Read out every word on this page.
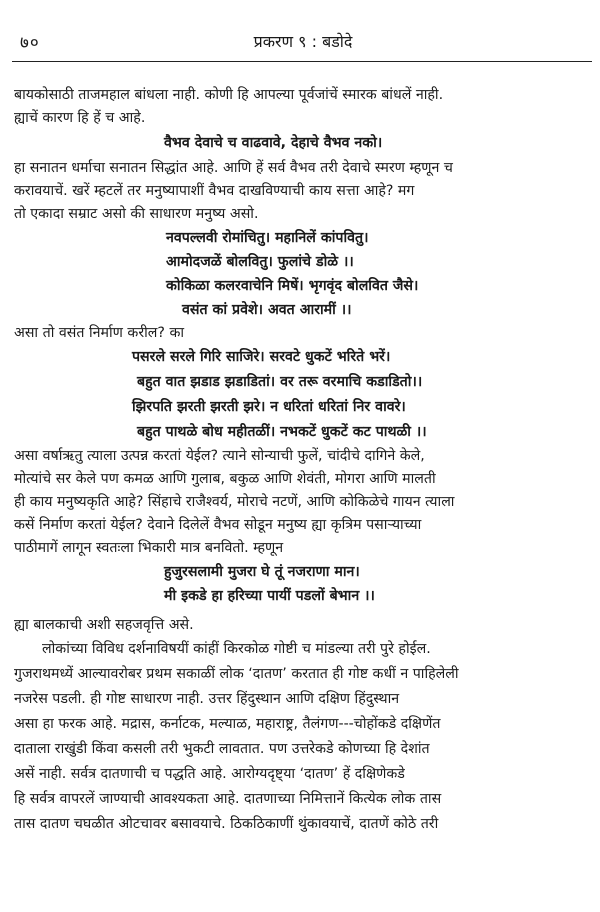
७०	प्रकरण ९ : बडोदे

बायकोसाठी ताजमहाल बांधला नाही. कोणी हि आपल्या पूर्वजांचें स्मारक बांधलें नाही.

ह्याचें कारण हि हें च आहे.

वैभव देवाचे च वाढवावे, देहाचे वैभव नको।

हा सनातन धर्माचा सनातन सिद्धांत आहे. आणि हें सर्व वैभव तरी देवाचे स्मरण म्हणून च

करावयाचें. खरें म्हटलें तर मनुष्यापाशीं वैभव दाखविण्याची काय सत्ता आहे? मग

तो एकादा सम्राट असो की साधारण मनुष्य असो.

नवपल्लवी रोमांचितु। महानिलें कांपवितु।

आमोदजळें बोलवितु। फुलांचे डोळे ।।

कोकिळा कलरवाचेनि मिषें। भृगवृंद बोलवित जैसे।

वसंत कां प्रवेशे। अवत आरामीं ।।

असा तो वसंत निर्माण करील? का

पसरले सरले गिरि साजिरे। सरवटे धुकटें भरिते भरें।

बहुत वात झडाड झडाडितां। वर तरू वरमाचि कडाडितो।।

झिरपति झरती झरती झरे। न धरितां धरितां निर वावरे।

बहुत पाथळे बोध महीतळीं। नभकटें धुकटें कट पाथळी ।।

असा वर्षाऋतु त्याला उत्पन्न करतां येईल? त्याने सोन्याची फुलें, चांदीचे दागिने केले,

मोत्यांचे सर केले पण कमळ आणि गुलाब, बकुळ आणि शेवंती, मोगरा आणि मालती

ही काय मनुष्यकृति आहे? सिंहाचे राजैश्वर्य, मोराचे नटणें, आणि कोकिळेचे गायन त्याला

कसें निर्माण करतां येईल? देवाने दिलेलें वैभव सोडून मनुष्य ह्या कृत्रिम पसाऱ्याच्या

पाठीमागें लागून स्वतःला भिकारी मात्र बनवितो. म्हणून

हुजुरसलामी मुजरा घे तूं नजराणा मान।

मी इकडे हा हरिच्या पायीं पडलों बेभान ।।

ह्या बालकाची अशी सहजवृत्ति असे.

लोकांच्या विविध दर्शनाविषयीं कांहीं किरकोळ गोष्टी च मांडल्या तरी पुरे होईल.

गुजराथमध्यें आल्यावरोबर प्रथम सकाळीं लोक ‘दातण’ करतात ही गोष्ट कधीं न पाहिलेली

नजरेस पडली. ही गोष्ट साधारण नाही. उत्तर हिंदुस्थान आणि दक्षिण हिंदुस्थान

असा हा फरक आहे. मद्रास, कर्नाटक, मल्याळ, महाराष्ट्र, तैलंगण---चोहोंकडे दक्षिणेंत

दाताला राखुंडी किंवा कसली तरी भुकटी लावतात. पण उत्तरेकडे कोणच्या हि देशांत

असें नाही. सर्वत्र दातणाची च पद्धति आहे. आरोग्यदृष्ट्या ‘दातण’ हें दक्षिणेकडे

हि सर्वत्र वापरलें जाण्याची आवश्यकता आहे. दातणाच्या निमित्तानें कित्येक लोक तास

तास दातण चघळीत ओटचावर बसावयाचे. ठिकठिकाणीं थुंकावयाचें, दातणें कोठे तरी
